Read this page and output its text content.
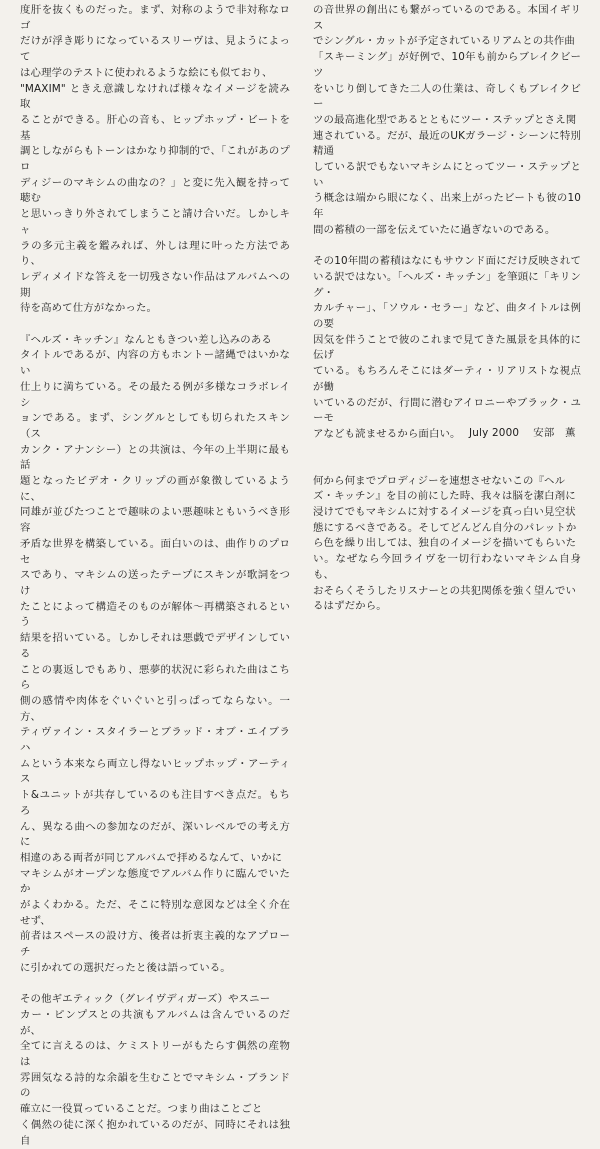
度肝を抜くものだった。まず、対称のようで非対称なロゴ
だけが浮き彫りになっているスリーヴは、見ようによって
は心理学のテストに使われるような絵にも似ており、
"MAXIM" ときえ意識しなければ様々なイメージを読み取
ることができる。肝心の音も、ヒップホップ・ビートを基
調としながらもトーンはかなり抑制的で、「これがあのプロ
ディジーのマキシムの曲なの？」と変に先入観を持って聴む
と思いっきり外されてしまうこと請け合いだ。しかしキャ
ラの多元主義を鑑みれば、外しは理に叶った方法であり、
レディメイドな答えを一切残さない作品はアルバムへの期
待を高めて仕方がなかった。

『ヘルズ・キッチン』なんともきつい差し込みのある
タイトルであるが、内容の方もホントー諸縄ではいかない
仕上りに満ちている。その最たる例が多様なコラボレイシ
ョンである。まず、シングルとしても切られたスキン（ス
カンク・アナンシー）との共演は、今年の上半期に最も話
題となったビデオ・クリップの画が象徴しているように、
同雄が並びたつことで趣味のよい悪趣味ともいうべき形容
矛盾な世界を構築している。面白いのは、曲作りのプロセ
スであり、マキシムの送ったテープにスキンが歌詞をつけ
たことによって構造そのものが解体〜再構築されるという
結果を招いている。しかしそれは悪戯でデザインしている
ことの裏返しでもあり、悪夢的状況に彩られた曲はこちら
側の感情や肉体をぐいぐいと引っぱってならない。一方、
ティヴァイン・スタイラーとブラッド・オブ・エイブラハ
ムという本来なら両立し得ないヒップホップ・アーティス
ト&ユニットが共存しているのも注目すべき点だ。もちろ
ん、異なる曲への参加なのだが、深いレベルでの考え方に
相違のある両者が同じアルバムで拝めるなんて、いかに
マキシムがオープンな態度でアルバム作りに臨んでいたか
がよくわかる。ただ、そこに特別な意図などは全く介在せず、
前者はスペースの設け方、後者は折衷主義的なアプローチ
に引かれての選択だったと後は語っている。

その他ギエティック（グレイヴディガーズ）やスニー
カー・ピンプスとの共演もアルバムは含んでいるのだが、
全てに言えるのは、ケミストリーがもたらす偶然の産物は
雰囲気なる詩的な余韻を生むことでマキシム・ブランドの
確立に一役買っていることだ。つまり曲はことごと
く偶然の徒に深く抱かれているのだが、同時にそれは独自

の音世界の創出にも繋がっているのである。本国イギリス
でシングル・カットが予定されているリアムとの共作曲
「スキーミング」が好例で、10年も前からブレイクビーツ
をいじり倒してきた二人の仕業は、奇しくもブレイクビー
ツの最高進化型であるとともにツー・ステップとさえ関
連されている。だが、最近のUKガラージ・シーンに特別精通
している訳でもないマキシムにとってツー・ステップとい
う概念は端から眼になく、出来上がったビートも彼の10年
間の蓄積の一部を伝えていたに過ぎないのである。

その10年間の蓄積はなにもサウンド面にだけ反映されている訳ではない。「ヘルズ・キッチン」を筆頭に「キリング・
カルチャー」、「ソウル・セラー」など、曲タイトルは例の要
因気を伴うことで彼のこれまで見てきた風景を具体的に伝げ
ている。もちろんそこにはダーティ・リアリストな視点が働
いているのだが、行間に潜むアイロニーやブラック・ユーモ
アなども読ませるから面白い。

何から何までプロディジーを連想させないこの『ヘル
ズ・キッチン』を目の前にした時、我々は脳を潔白剤に
浸けてでもマキシムに対するイメージを真っ白い見空状
態にするべきである。そしてどんどん自分のパレットか
ら色を繰り出しては、独自のイメージを描いてもらいた
い。なぜなら今回ライヴを一切行わないマキシム自身も、
おそらくそうしたリスナーとの共犯関係を強く望んでい
るはずだから。

July 2000 安部　薫
